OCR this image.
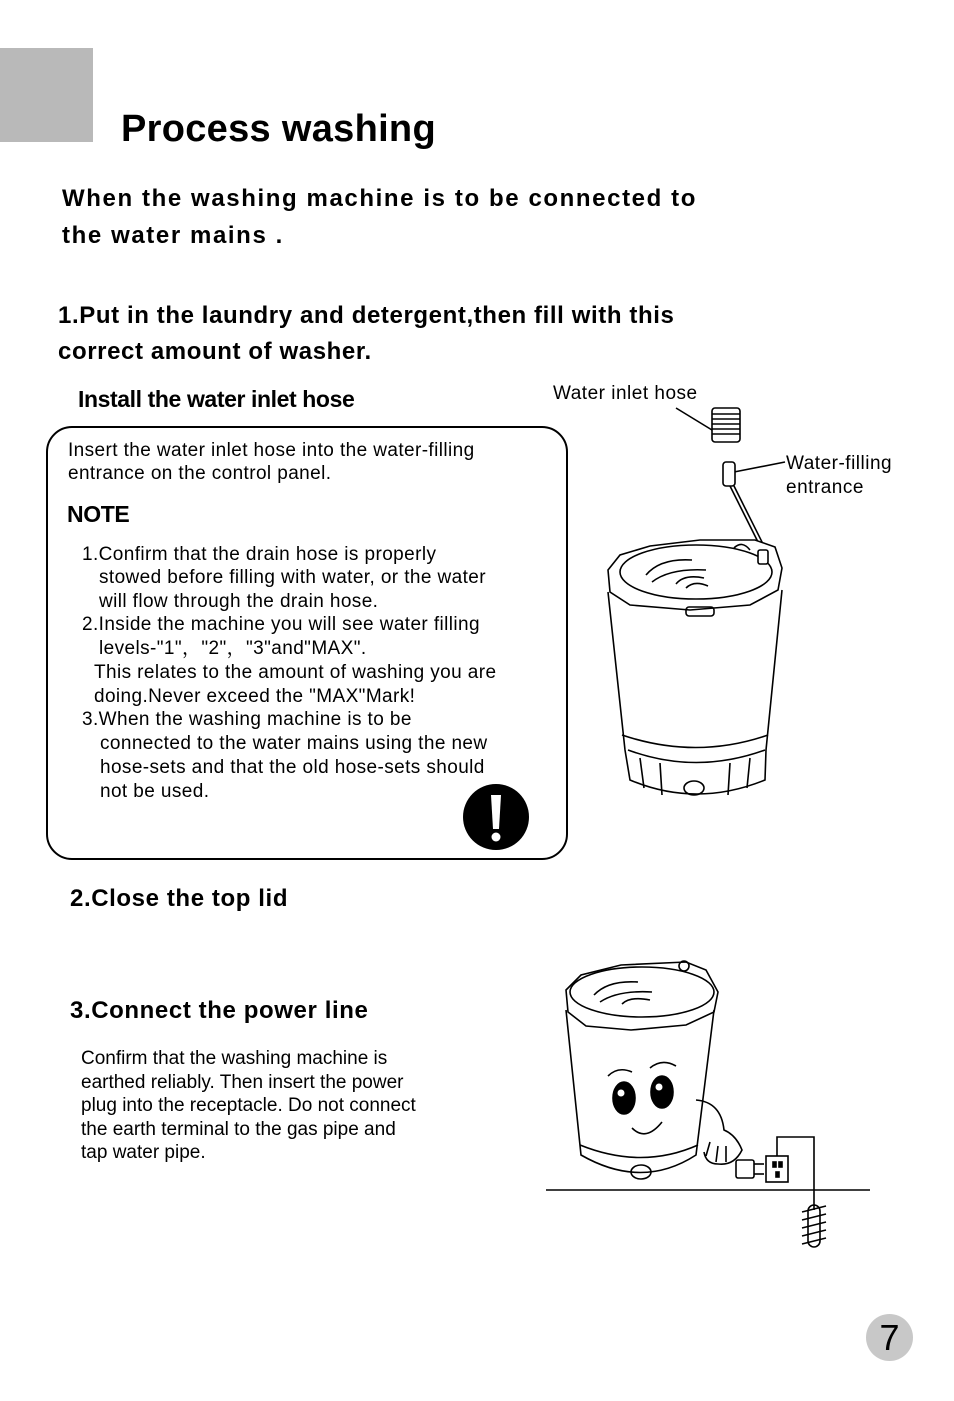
Process washing
When the washing machine is to be connected to
the water mains .
1.Put in the laundry and detergent,then fill with this
correct amount of washer.
Install the water inlet hose
Insert the water inlet hose into the water-filling
entrance on the control panel.
NOTE
1.Confirm that the drain hose is properly
stowed before filling with water, or the water
will flow through the drain hose.
2.Inside the machine you will see water filling
levels-"1"，"2"，"3"and"MAX".
This relates to the amount of washing you are
doing.Never exceed the "MAX"Mark!
3.When the washing machine is to be
connected to the water mains using the new
hose-sets and that the old hose-sets should
not be used.
Water inlet hose
Water-filling
entrance
2.Close the top lid
3.Connect the power line
Confirm that the washing machine is
earthed reliably. Then insert the power
plug into the receptacle. Do not connect
the earth terminal to the gas pipe and
tap water pipe.
7
